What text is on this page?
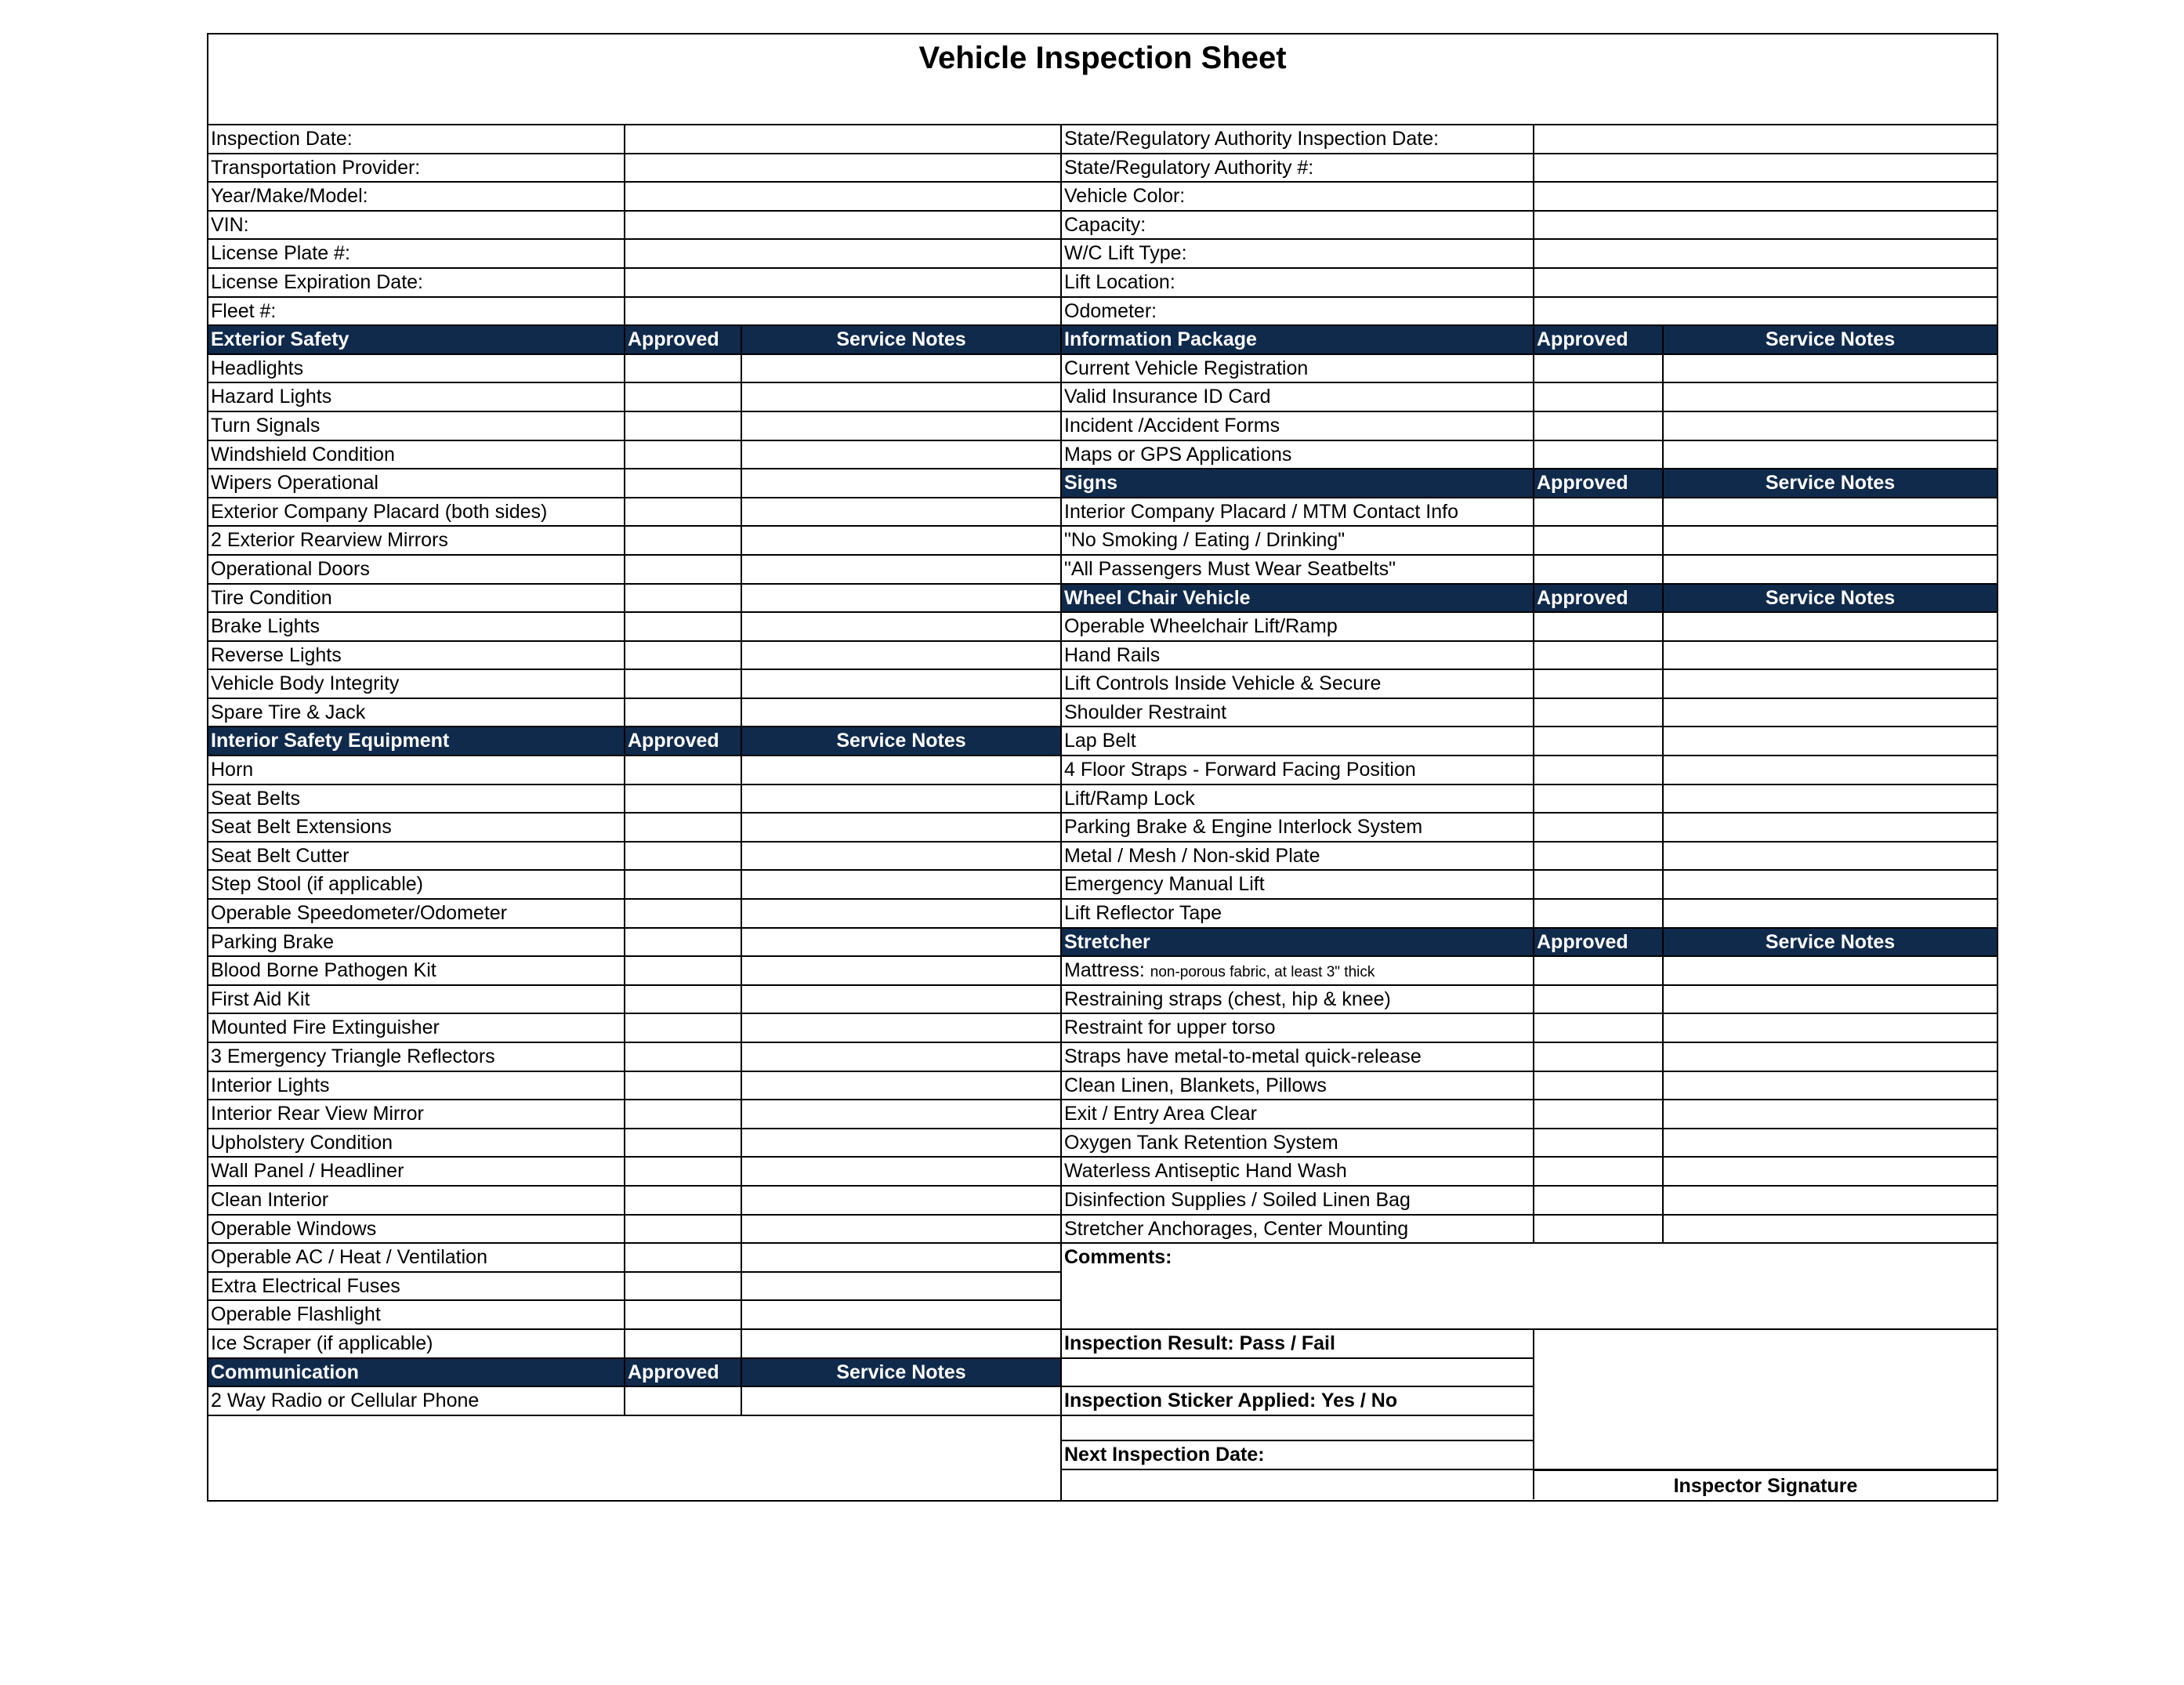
Vehicle Inspection Sheet
Inspection Date:
Transportation Provider:
Year/Make/Model:
VIN:
License Plate #:
License Expiration Date:
Fleet #:
Exterior Safety	Approved	Service Notes
Headlights
Hazard Lights
Turn Signals
Windshield Condition
Wipers Operational
Exterior Company Placard (both sides)
2 Exterior Rearview Mirrors
Operational Doors
Tire Condition
Brake Lights
Reverse Lights
Vehicle Body Integrity
Spare Tire & Jack
Interior Safety Equipment	Approved	Service Notes
Horn
Seat Belts
Seat Belt Extensions
Seat Belt Cutter
Step Stool (if applicable)
Operable Speedometer/Odometer
Parking Brake
Blood Borne Pathogen Kit
First Aid Kit
Mounted Fire Extinguisher
3 Emergency Triangle Reflectors
Interior Lights
Interior Rear View Mirror
Upholstery Condition
Wall Panel / Headliner
Clean Interior
Operable Windows
Operable AC / Heat / Ventilation
Extra Electrical Fuses
Operable Flashlight
Ice Scraper (if applicable)
Communication	Approved	Service Notes
2 Way Radio or Cellular Phone
State/Regulatory Authority Inspection Date:
State/Regulatory Authority #:
Vehicle Color:
Capacity:
W/C Lift Type:
Lift Location:
Odometer:
Information Package	Approved	Service Notes
Current Vehicle Registration
Valid Insurance ID Card
Incident /Accident Forms
Maps or GPS Applications
Signs	Approved	Service Notes
Interior Company Placard / MTM Contact Info
"No Smoking / Eating / Drinking"
"All Passengers Must Wear Seatbelts"
Wheel Chair Vehicle	Approved	Service Notes
Operable Wheelchair Lift/Ramp
Hand Rails
Lift Controls Inside Vehicle & Secure
Shoulder Restraint
Lap Belt
4 Floor Straps - Forward Facing Position
Lift/Ramp Lock
Parking Brake & Engine Interlock System
Metal / Mesh / Non-skid Plate
Emergency Manual Lift
Lift Reflector Tape
Stretcher	Approved	Service Notes
Mattress: non-porous fabric, at least 3" thick
Restraining straps (chest, hip & knee)
Restraint for upper torso
Straps have metal-to-metal quick-release
Clean Linen, Blankets, Pillows
Exit / Entry Area Clear
Oxygen Tank Retention System
Waterless Antiseptic Hand Wash
Disinfection Supplies / Soiled Linen Bag
Stretcher Anchorages, Center Mounting
Comments:
Inspection Result: Pass / Fail
Inspection Sticker Applied: Yes / No
Next Inspection Date:
Inspector Signature
